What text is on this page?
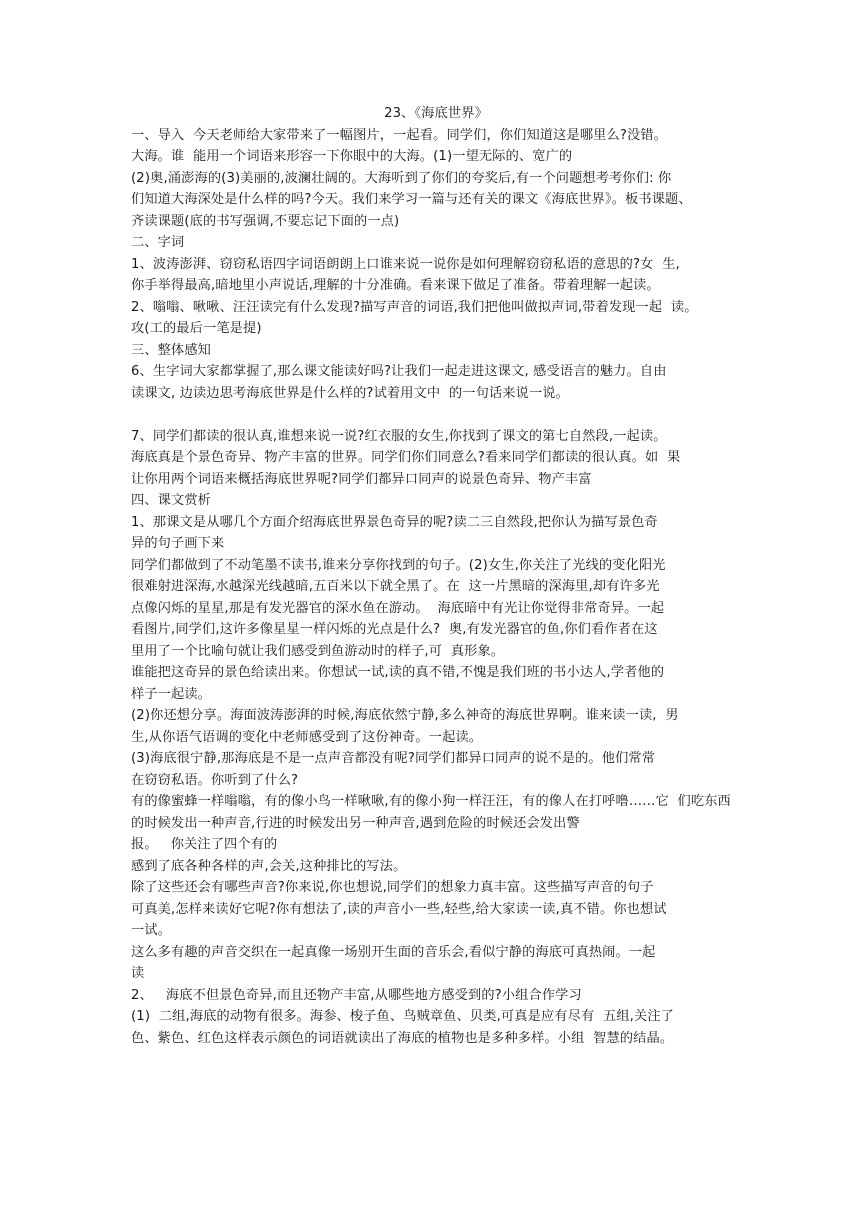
23、《海底世界》

一、导入  今天老师给大家带来了一幅图片，一起看。同学们，你们知道这是哪里么?没错。

大海。谁  能用一个词语来形容一下你眼中的大海。(1)一望无际的、宽广的

(2)奥,涌澎海的(3)美丽的,波澜壮阔的。大海听到了你们的夸奖后,有一个问题想考考你们: 你

们知道大海深处是什么样的吗?今天。我们来学习一篇与还有关的课文《海底世界》。板书课题、

齐读课题(底的书写强调,不要忘记下面的一点)

二、字词

1、波涛澎湃、窃窃私语四字词语朗朗上口谁来说一说你是如何理解窃窃私语的意思的?女  生,

你手举得最高,暗地里小声说话,理解的十分准确。看来课下做足了准备。带着理解一起读。

2、嗡嗡、啾啾、汪汪读完有什么发现?描写声音的词语,我们把他叫做拟声词,带着发现一起  读。

攻(工的最后一笔是提)

三、整体感知

6、生字词大家都掌握了,那么课文能读好吗?让我们一起走进这课文, 感受语言的魅力。自由

读课文, 边读边思考海底世界是什么样的?试着用文中  的一句话来说一说。

7、同学们都读的很认真,谁想来说一说?红衣服的女生,你找到了课文的第七自然段,一起读。

海底真是个景色奇异、物产丰富的世界。同学们你们同意么?看来同学们都读的很认真。如  果

让你用两个词语来概括海底世界呢?同学们都异口同声的说景色奇异、物产丰富

四、课文赏析

1、那课文是从哪几个方面介绍海底世界景色奇异的呢?读二三自然段,把你认为描写景色奇

异的句子画下来

同学们都做到了不动笔墨不读书,谁来分享你找到的句子。(2)女生,你关注了光线的变化阳光

很难射进深海,水越深光线越暗,五百米以下就全黑了。在  这一片黑暗的深海里,却有许多光

点像闪烁的星星,那是有发光器官的深水鱼在游动。  海底暗中有光让你觉得非常奇异。一起

看图片,同学们,这许多像星星一样闪烁的光点是什么?  奥,有发光器官的鱼,你们看作者在这

里用了一个比喻句就让我们感受到鱼游动时的样子,可  真形象。

谁能把这奇异的景色给读出来。你想试一试,读的真不错,不愧是我们班的书小达人,学者他的

样子一起读。

(2)你还想分享。海面波涛澎湃的时候,海底依然宁静,多么神奇的海底世界啊。谁来读一读,  男

生,从你语气语调的变化中老师感受到了这份神奇。一起读。

(3)海底很宁静,那海底是不是一点声音都没有呢?同学们都异口同声的说不是的。他们常常

在窃窃私语。你听到了什么?

有的像蜜蜂一样嗡嗡，有的像小鸟一样啾啾,有的像小狗一样汪汪，有的像人在打呼噜……它  们吃东西的时候发出一种声音,行进的时候发出另一种声音,遇到危险的时候还会发出警

报。   你关注了四个有的

感到了底各种各样的声,会关,这种排比的写法。

除了这些还会有哪些声音?你来说,你也想说,同学们的想象力真丰富。这些描写声音的句子

可真美,怎样来读好它呢?你有想法了,读的声音小一些,轻些,给大家读一读,真不错。你也想试

一试。

这么多有趣的声音交织在一起真像一场别开生面的音乐会,看似宁静的海底可真热闹。一起

读

2、   海底不但景色奇异,而且还物产丰富,从哪些地方感受到的?小组合作学习

(1)  二组,海底的动物有很多。海参、梭子鱼、鸟贼章鱼、贝类,可真是应有尽有  五组,关注了

色、紫色、红色这样表示颜色的词语就读出了海底的植物也是多种多样。小组  智慧的结晶。
